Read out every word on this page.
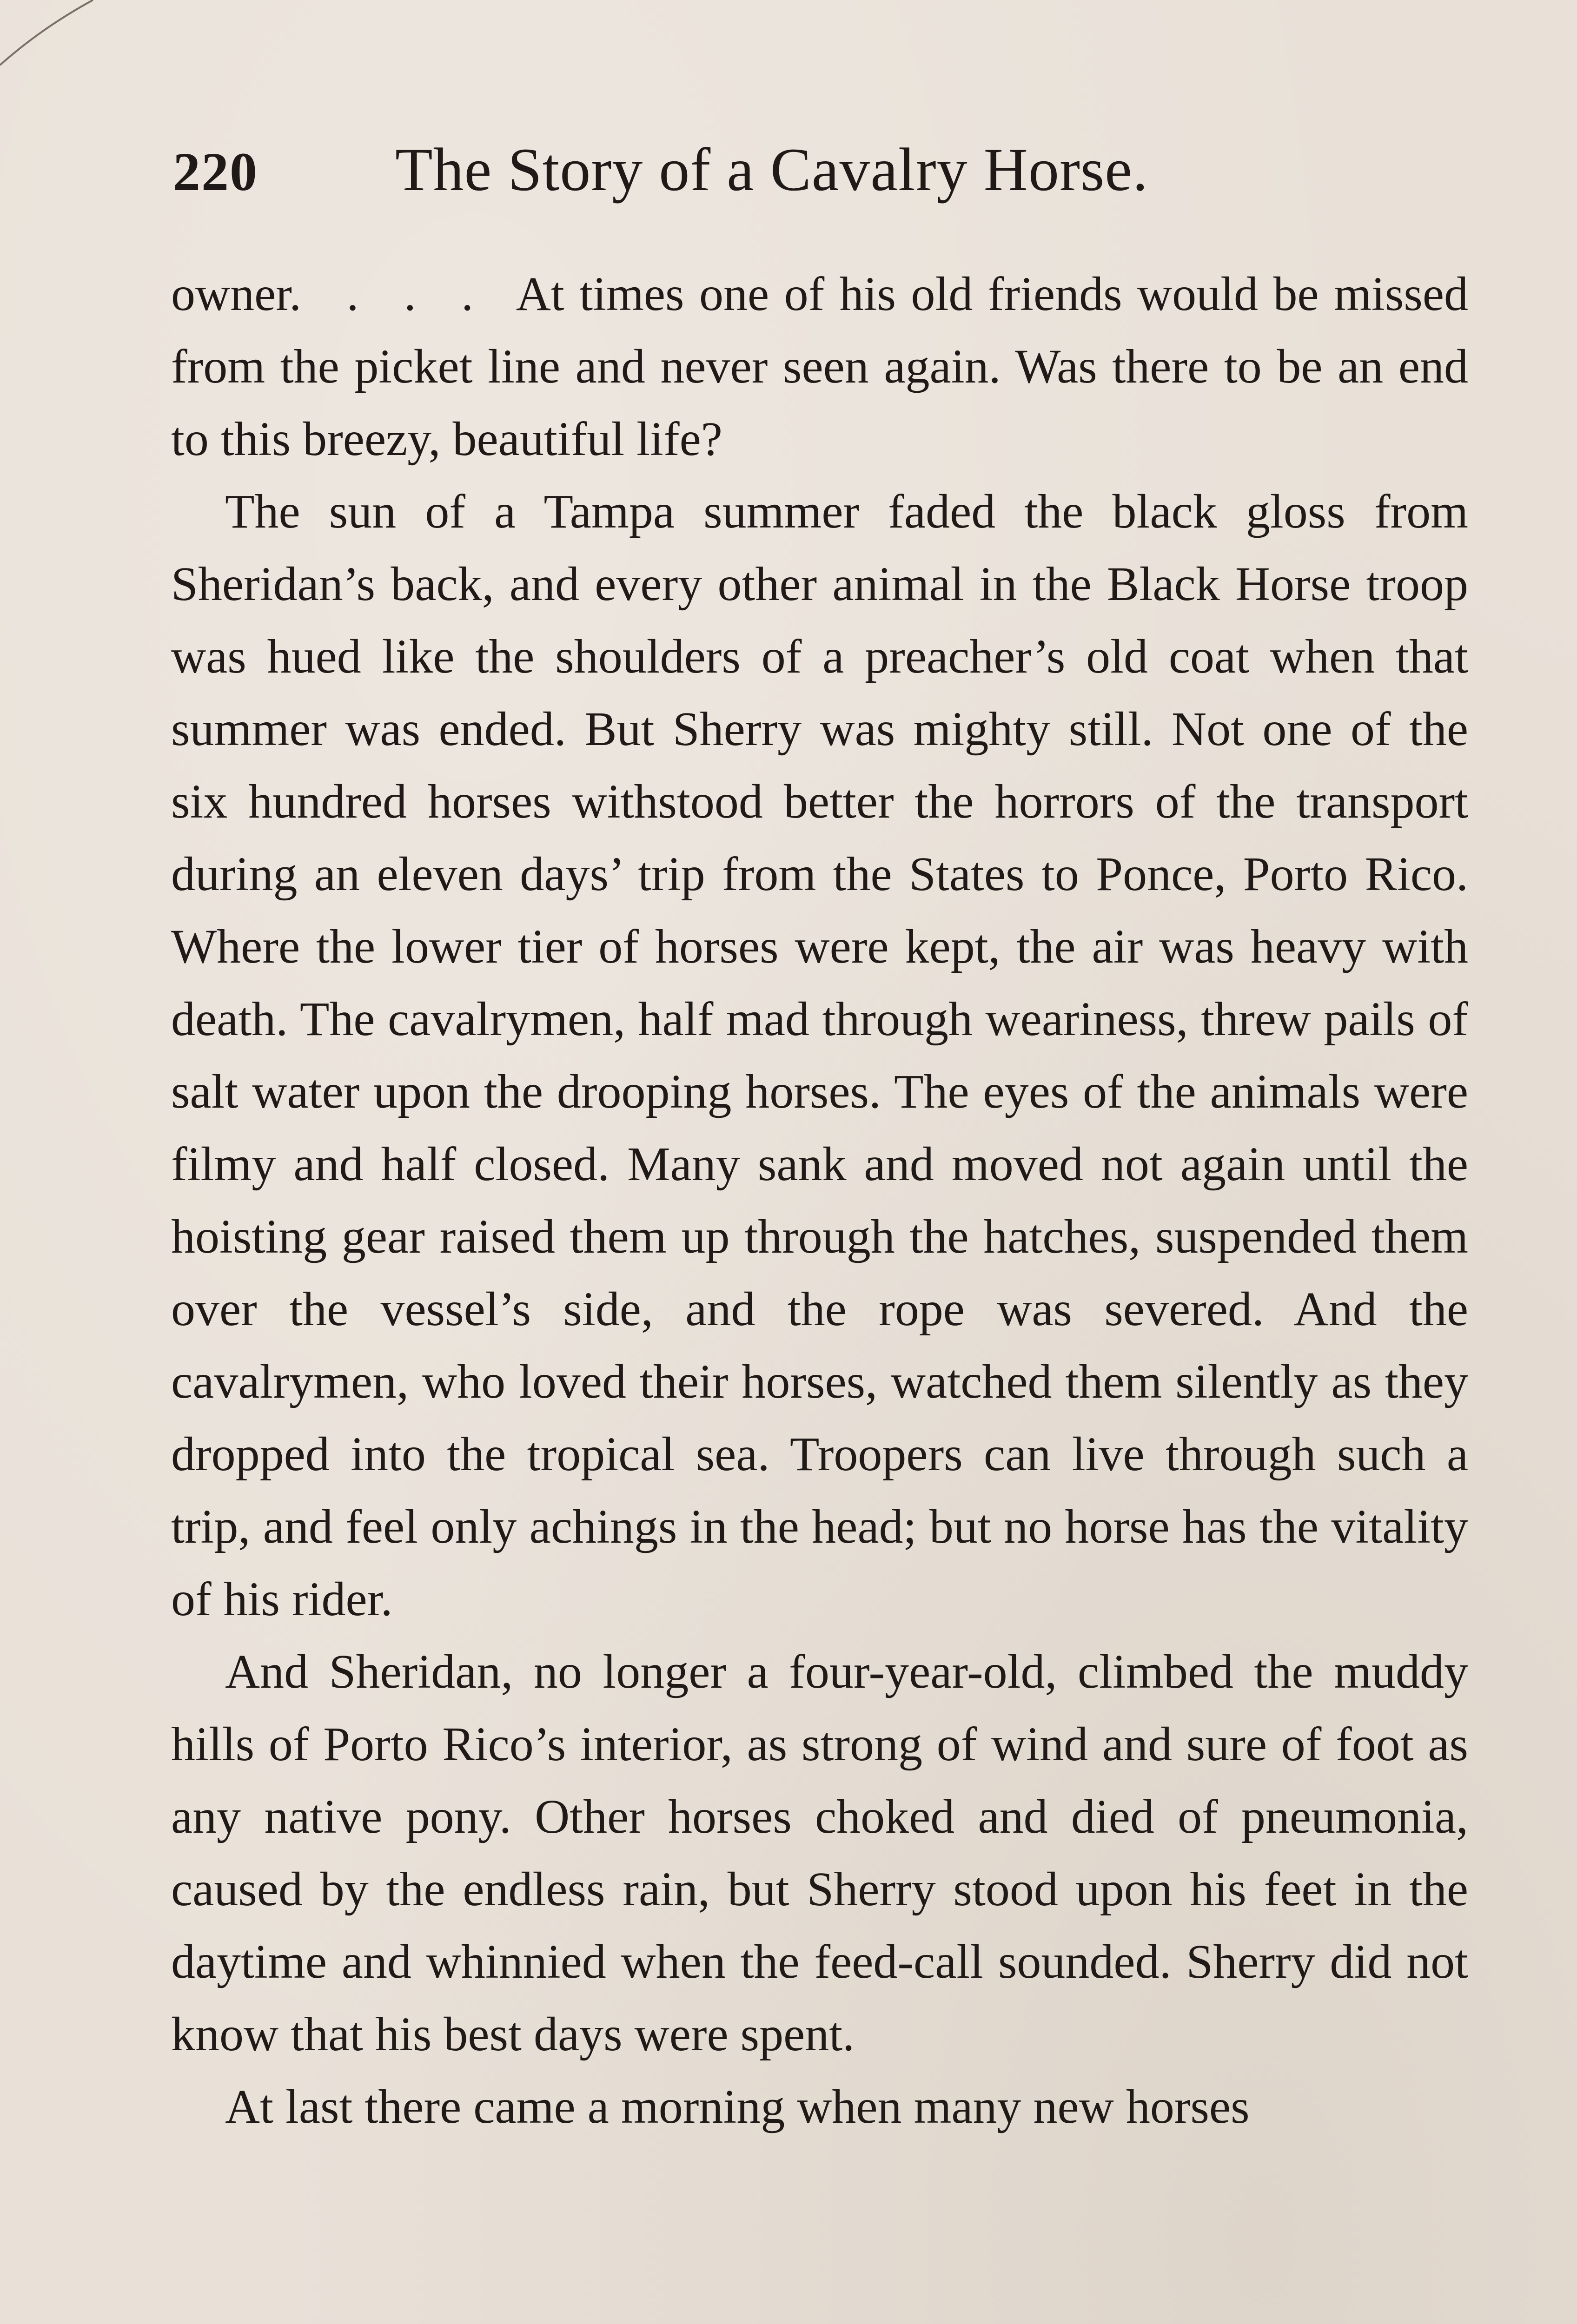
220 The Story of a Cavalry Horse.

owner.   .   .   .   At times one of his old friends would be missed from the picket line and never seen again. Was there to be an end to this breezy, beautiful life?

The sun of a Tampa summer faded the black gloss from Sheridan’s back, and every other animal in the Black Horse troop was hued like the shoulders of a preacher’s old coat when that summer was ended. But Sherry was mighty still. Not one of the six hundred horses withstood better the horrors of the transport during an eleven days’ trip from the States to Ponce, Porto Rico. Where the lower tier of horses were kept, the air was heavy with death. The cavalrymen, half mad through weariness, threw pails of salt water upon the drooping horses. The eyes of the animals were filmy and half closed. Many sank and moved not again until the hoisting gear raised them up through the hatches, suspended them over the vessel’s side, and the rope was severed. And the cavalrymen, who loved their horses, watched them silently as they dropped into the tropical sea. Troopers can live through such a trip, and feel only achings in the head; but no horse has the vitality of his rider.

And Sheridan, no longer a four-year-old, climbed the muddy hills of Porto Rico’s interior, as strong of wind and sure of foot as any native pony. Other horses choked and died of pneumonia, caused by the endless rain, but Sherry stood upon his feet in the daytime and whinnied when the feed-call sounded. Sherry did not know that his best days were spent.

At last there came a morning when many new horses
